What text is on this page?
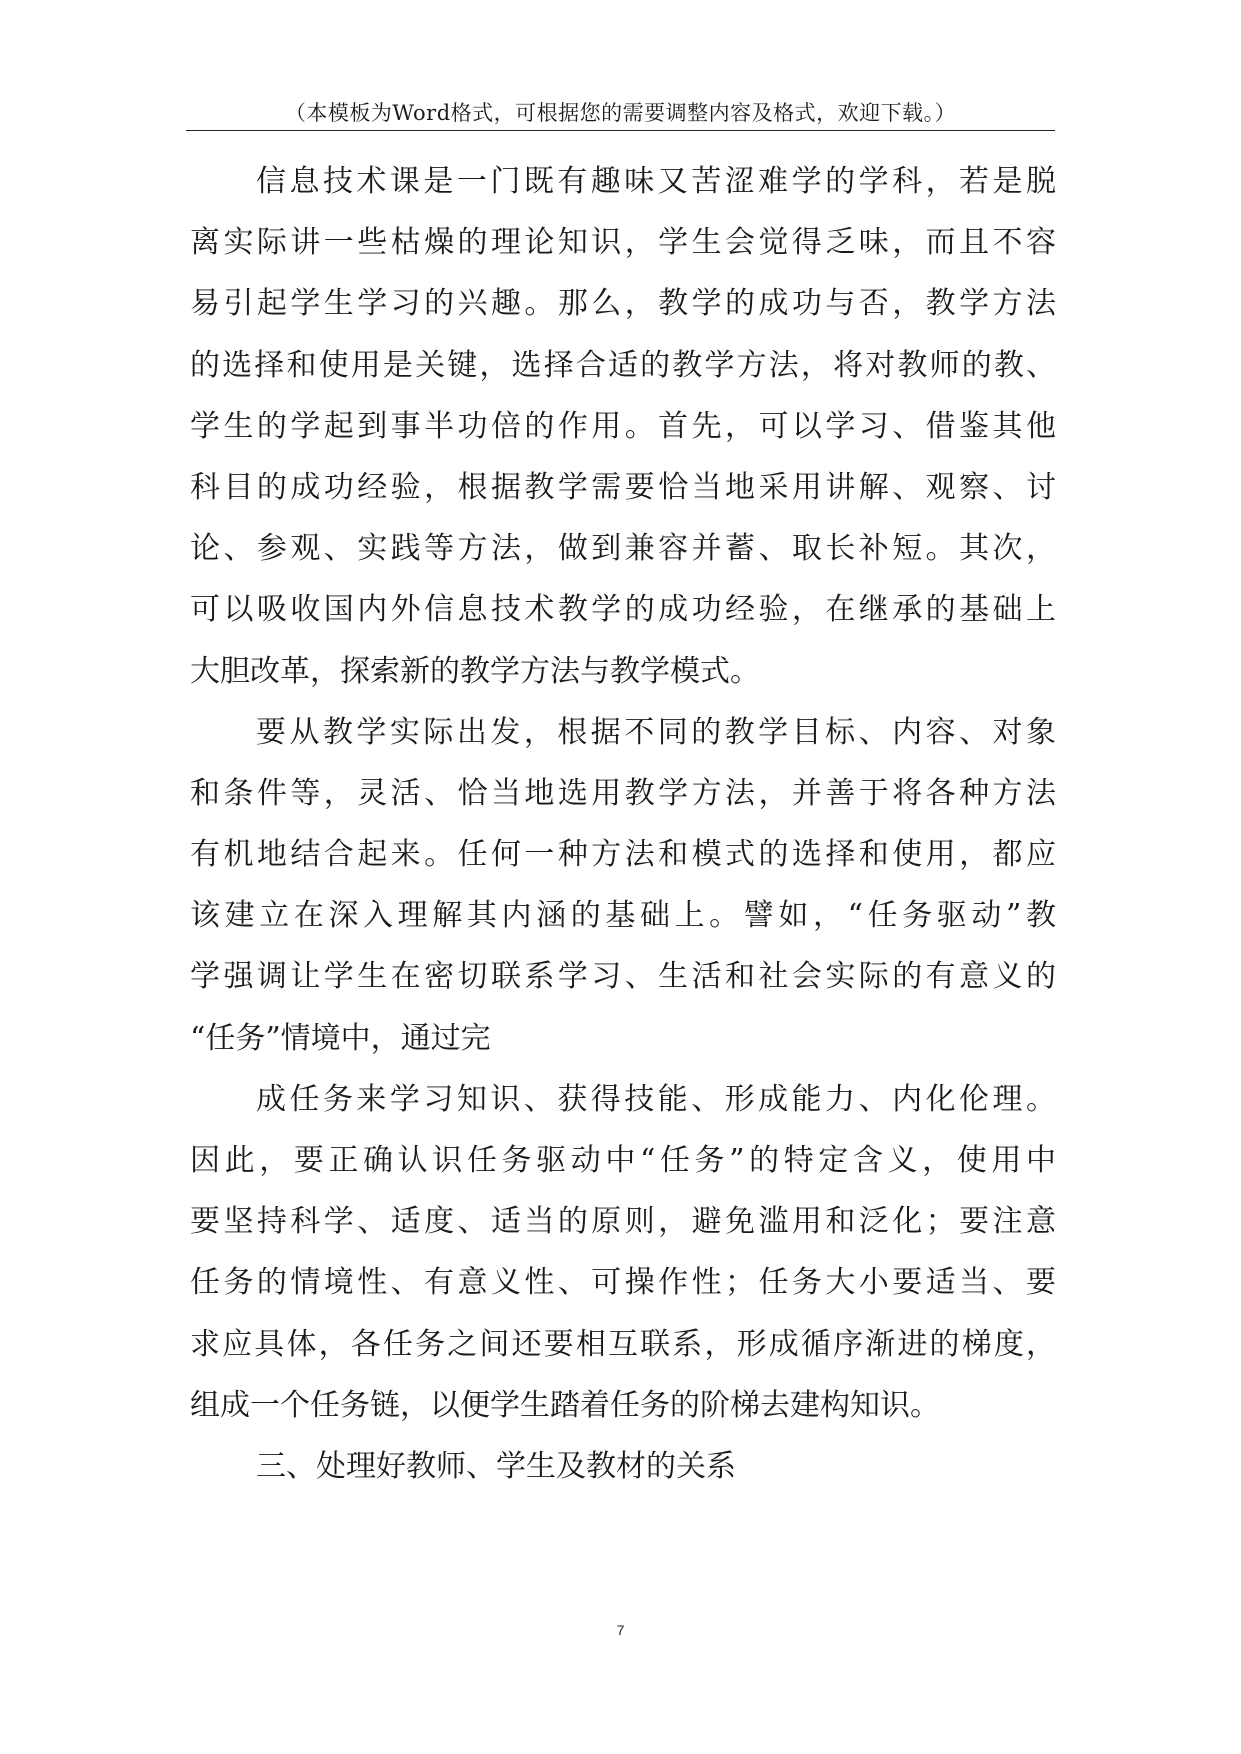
（本模板为Word格式，可根据您的需要调整内容及格式，欢迎下载。）
信息技术课是一门既有趣味又苦涩难学的学科，若是脱
离实际讲一些枯燥的理论知识，学生会觉得乏味，而且不容
易引起学生学习的兴趣。那么，教学的成功与否，教学方法
的选择和使用是关键，选择合适的教学方法，将对教师的教、
学生的学起到事半功倍的作用。首先，可以学习、借鉴其他
科目的成功经验，根据教学需要恰当地采用讲解、观察、讨
论、参观、实践等方法，做到兼容并蓄、取长补短。其次，
可以吸收国内外信息技术教学的成功经验，在继承的基础上
大胆改革，探索新的教学方法与教学模式。
要从教学实际出发，根据不同的教学目标、内容、对象
和条件等，灵活、恰当地选用教学方法，并善于将各种方法
有机地结合起来。任何一种方法和模式的选择和使用，都应
该建立在深入理解其内涵的基础上。譬如，“任务驱动”教
学强调让学生在密切联系学习、生活和社会实际的有意义的
“任务”情境中，通过完
成任务来学习知识、获得技能、形成能力、内化伦理。
因此，要正确认识任务驱动中“任务”的特定含义，使用中
要坚持科学、适度、适当的原则，避免滥用和泛化；要注意
任务的情境性、有意义性、可操作性；任务大小要适当、要
求应具体，各任务之间还要相互联系，形成循序渐进的梯度，
组成一个任务链，以便学生踏着任务的阶梯去建构知识。
三、处理好教师、学生及教材的关系
7
